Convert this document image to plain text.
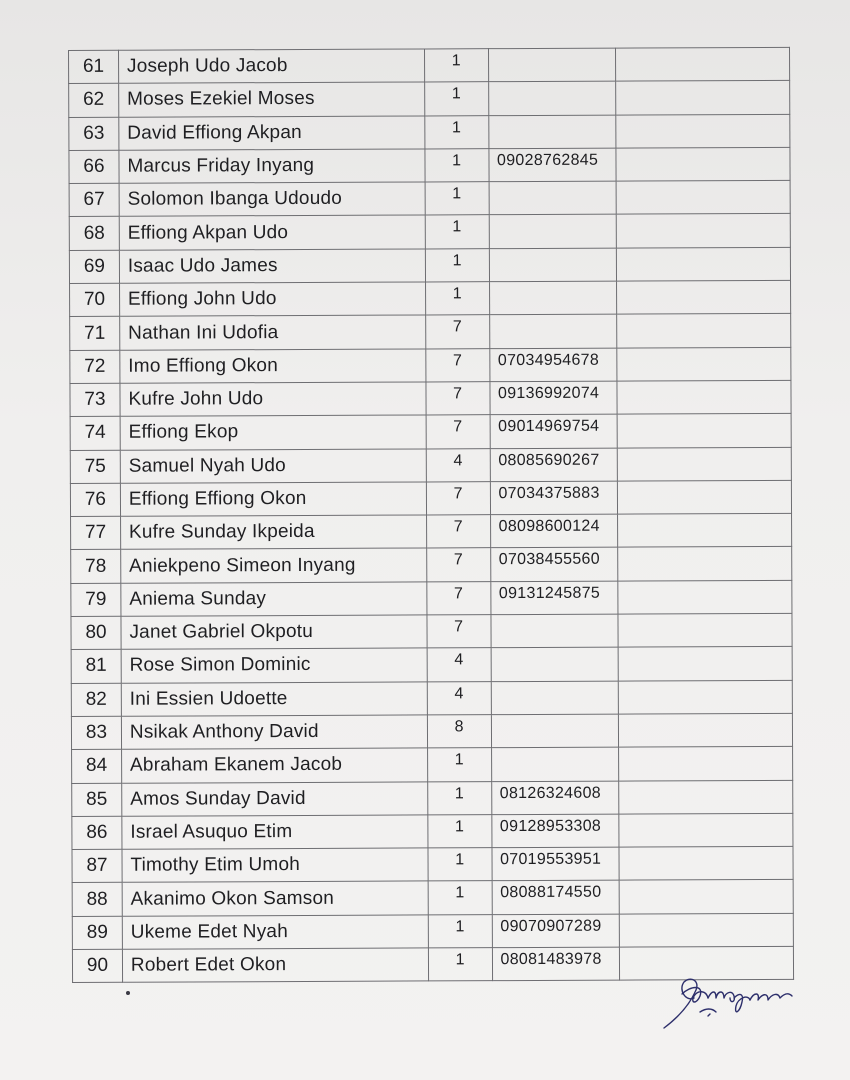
61	Joseph Udo Jacob	1		
62	Moses Ezekiel Moses	1		
63	David Effiong Akpan	1		
66	Marcus Friday Inyang	1	09028762845	
67	Solomon Ibanga Udoudo	1		
68	Effiong Akpan Udo	1		
69	Isaac Udo James	1		
70	Effiong John Udo	1		
71	Nathan Ini Udofia	7		
72	Imo Effiong Okon	7	07034954678	
73	Kufre John Udo	7	09136992074	
74	Effiong Ekop	7	09014969754	
75	Samuel Nyah Udo	4	08085690267	
76	Effiong Effiong Okon	7	07034375883	
77	Kufre Sunday Ikpeida	7	08098600124	
78	Aniekpeno Simeon Inyang	7	07038455560	
79	Aniema Sunday	7	09131245875	
80	Janet Gabriel Okpotu	7		
81	Rose Simon Dominic	4		
82	Ini Essien Udoette	4		
83	Nsikak Anthony David	8		
84	Abraham Ekanem Jacob	1		
85	Amos Sunday David	1	08126324608	
86	Israel Asuquo Etim	1	09128953308	
87	Timothy Etim Umoh	1	07019553951	
88	Akanimo Okon Samson	1	08088174550	
89	Ukeme Edet Nyah	1	09070907289	
90	Robert Edet Okon	1	08081483978	
